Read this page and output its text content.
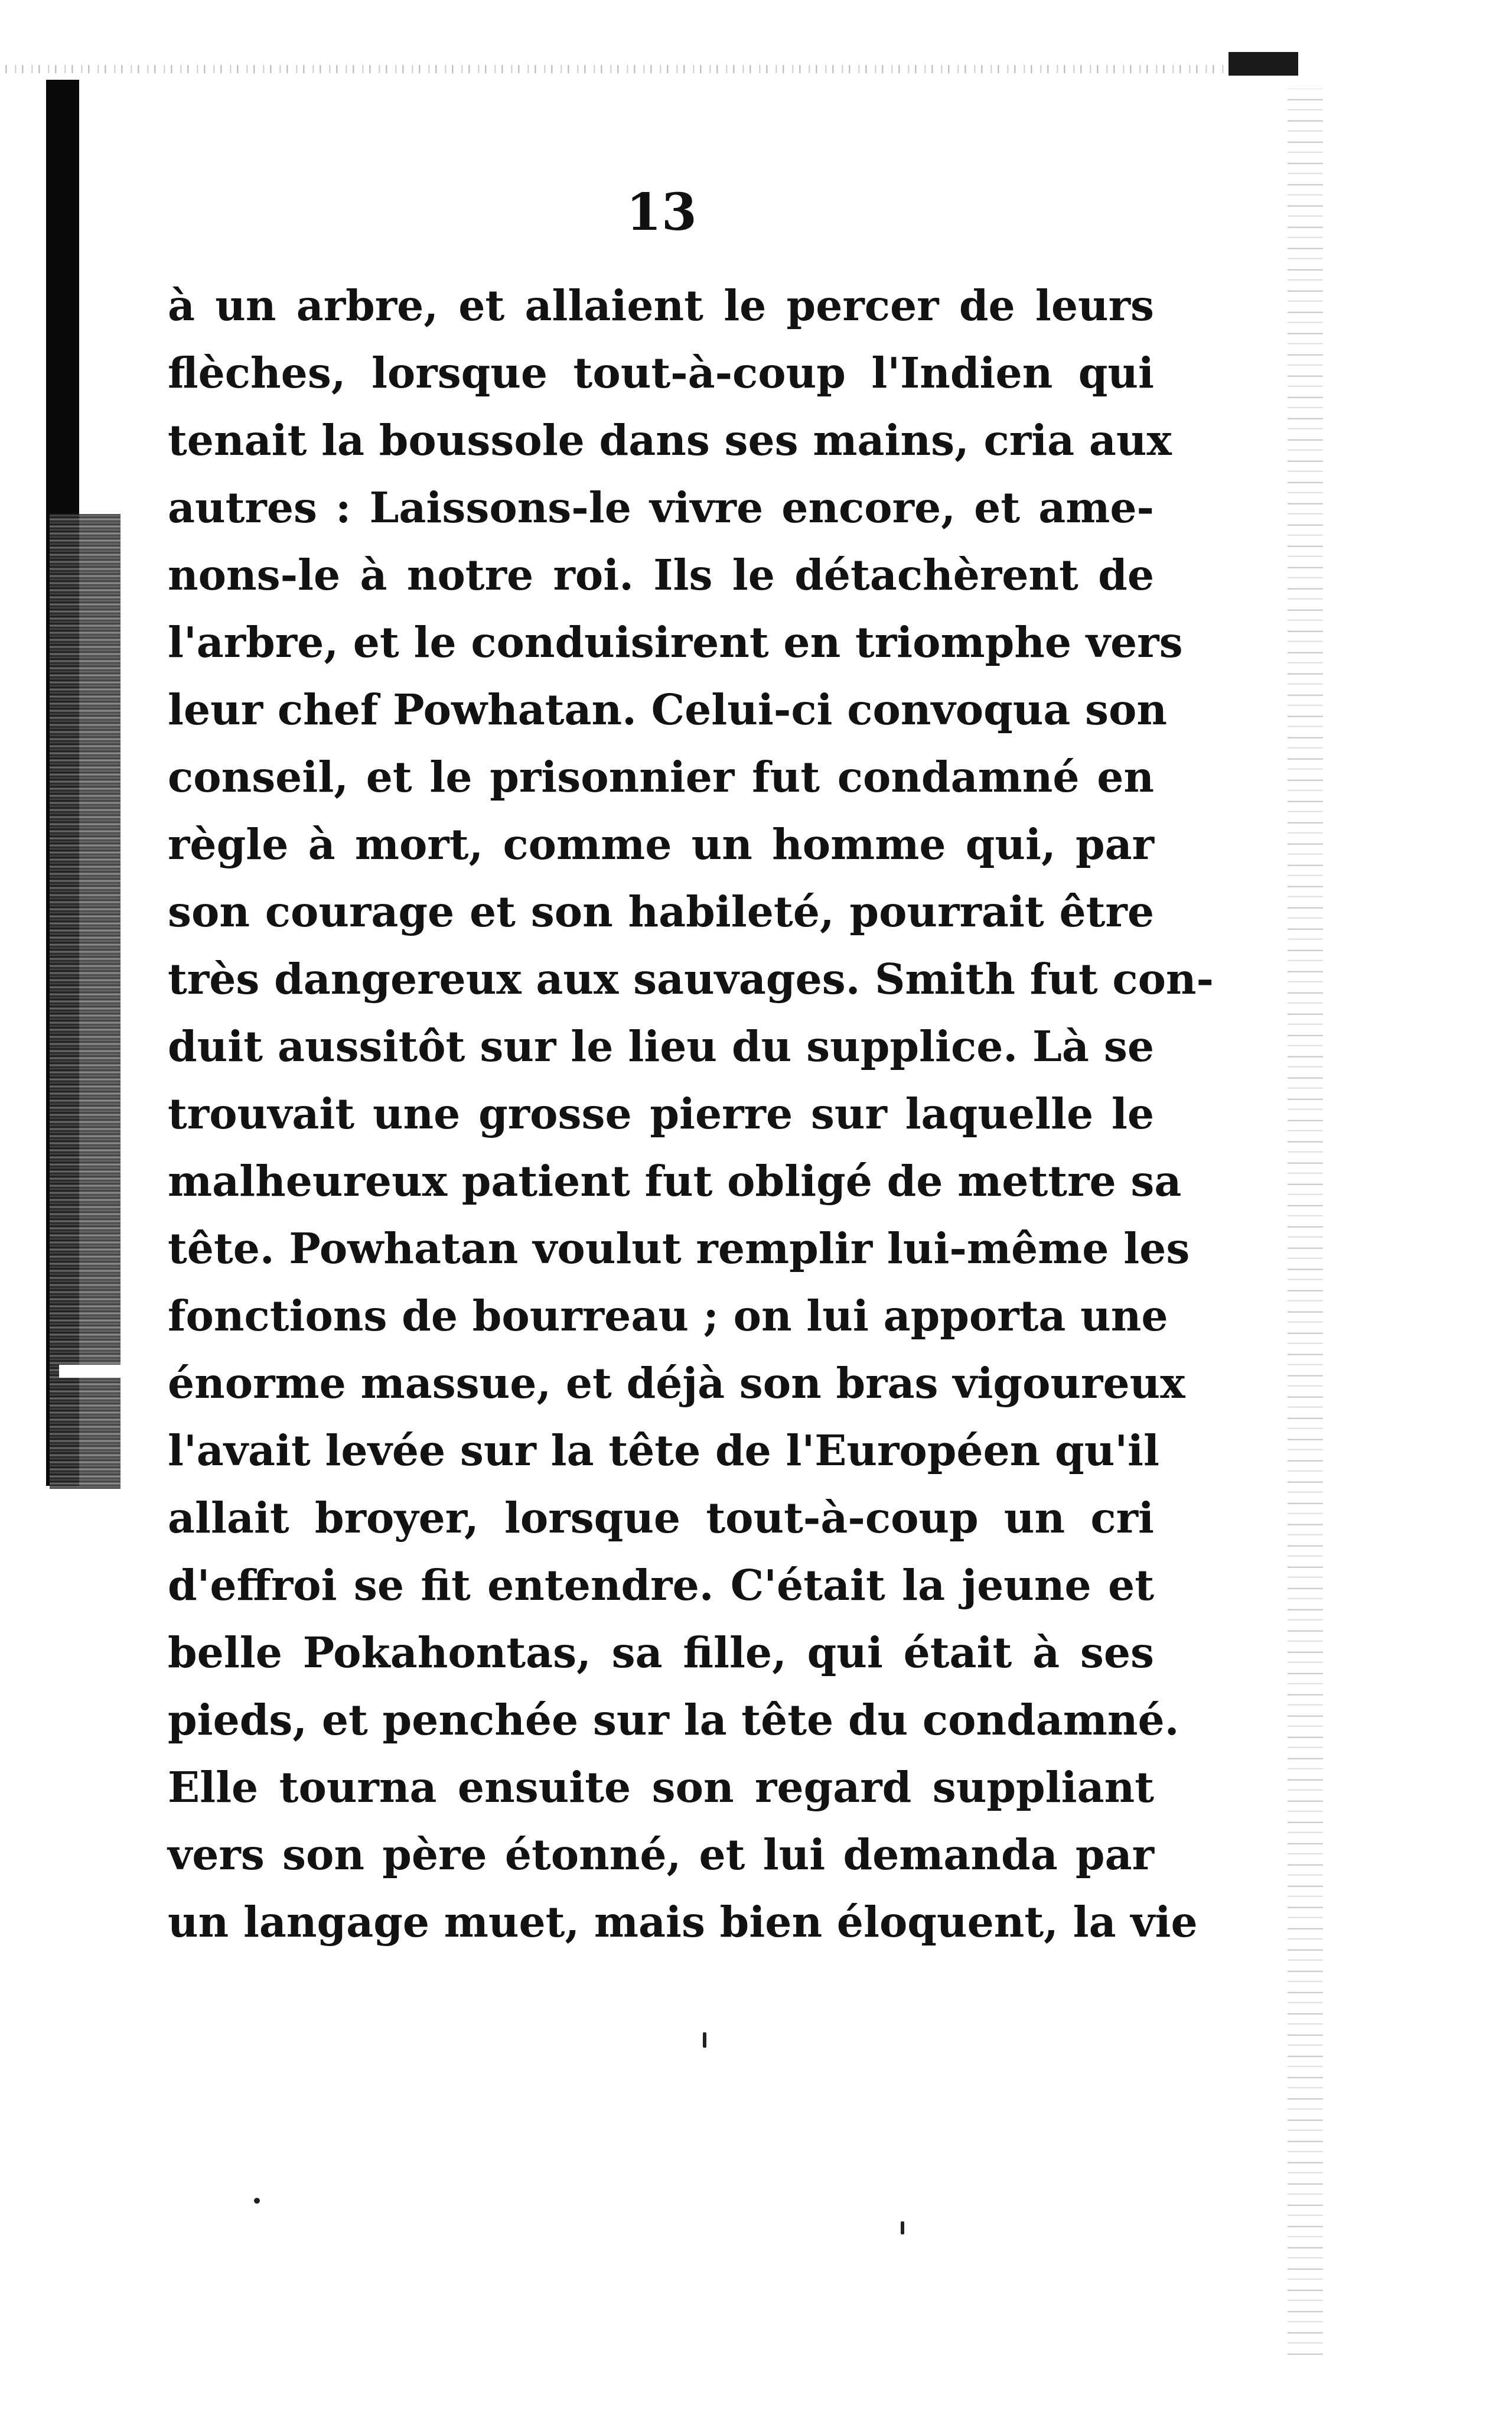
13
à un arbre, et allaient le percer de leurs
flèches, lorsque tout-à-coup l'Indien qui
tenait la boussole dans ses mains, cria aux
autres : Laissons-le vivre encore, et ame-
nons-le à notre roi. Ils le détachèrent de
l'arbre, et le conduisirent en triomphe vers
leur chef Powhatan. Celui-ci convoqua son
conseil, et le prisonnier fut condamné en
règle à mort, comme un homme qui, par
son courage et son habileté, pourrait être
très dangereux aux sauvages. Smith fut con-
duit aussitôt sur le lieu du supplice. Là se
trouvait une grosse pierre sur laquelle le
malheureux patient fut obligé de mettre sa
tête. Powhatan voulut remplir lui-même les
fonctions de bourreau ; on lui apporta une
énorme massue, et déjà son bras vigoureux
l'avait levée sur la tête de l'Européen qu'il
allait broyer, lorsque tout-à-coup un cri
d'effroi se fit entendre. C'était la jeune et
belle Pokahontas, sa fille, qui était à ses
pieds, et penchée sur la tête du condamné.
Elle tourna ensuite son regard suppliant
vers son père étonné, et lui demanda par
un langage muet, mais bien éloquent, la vie
